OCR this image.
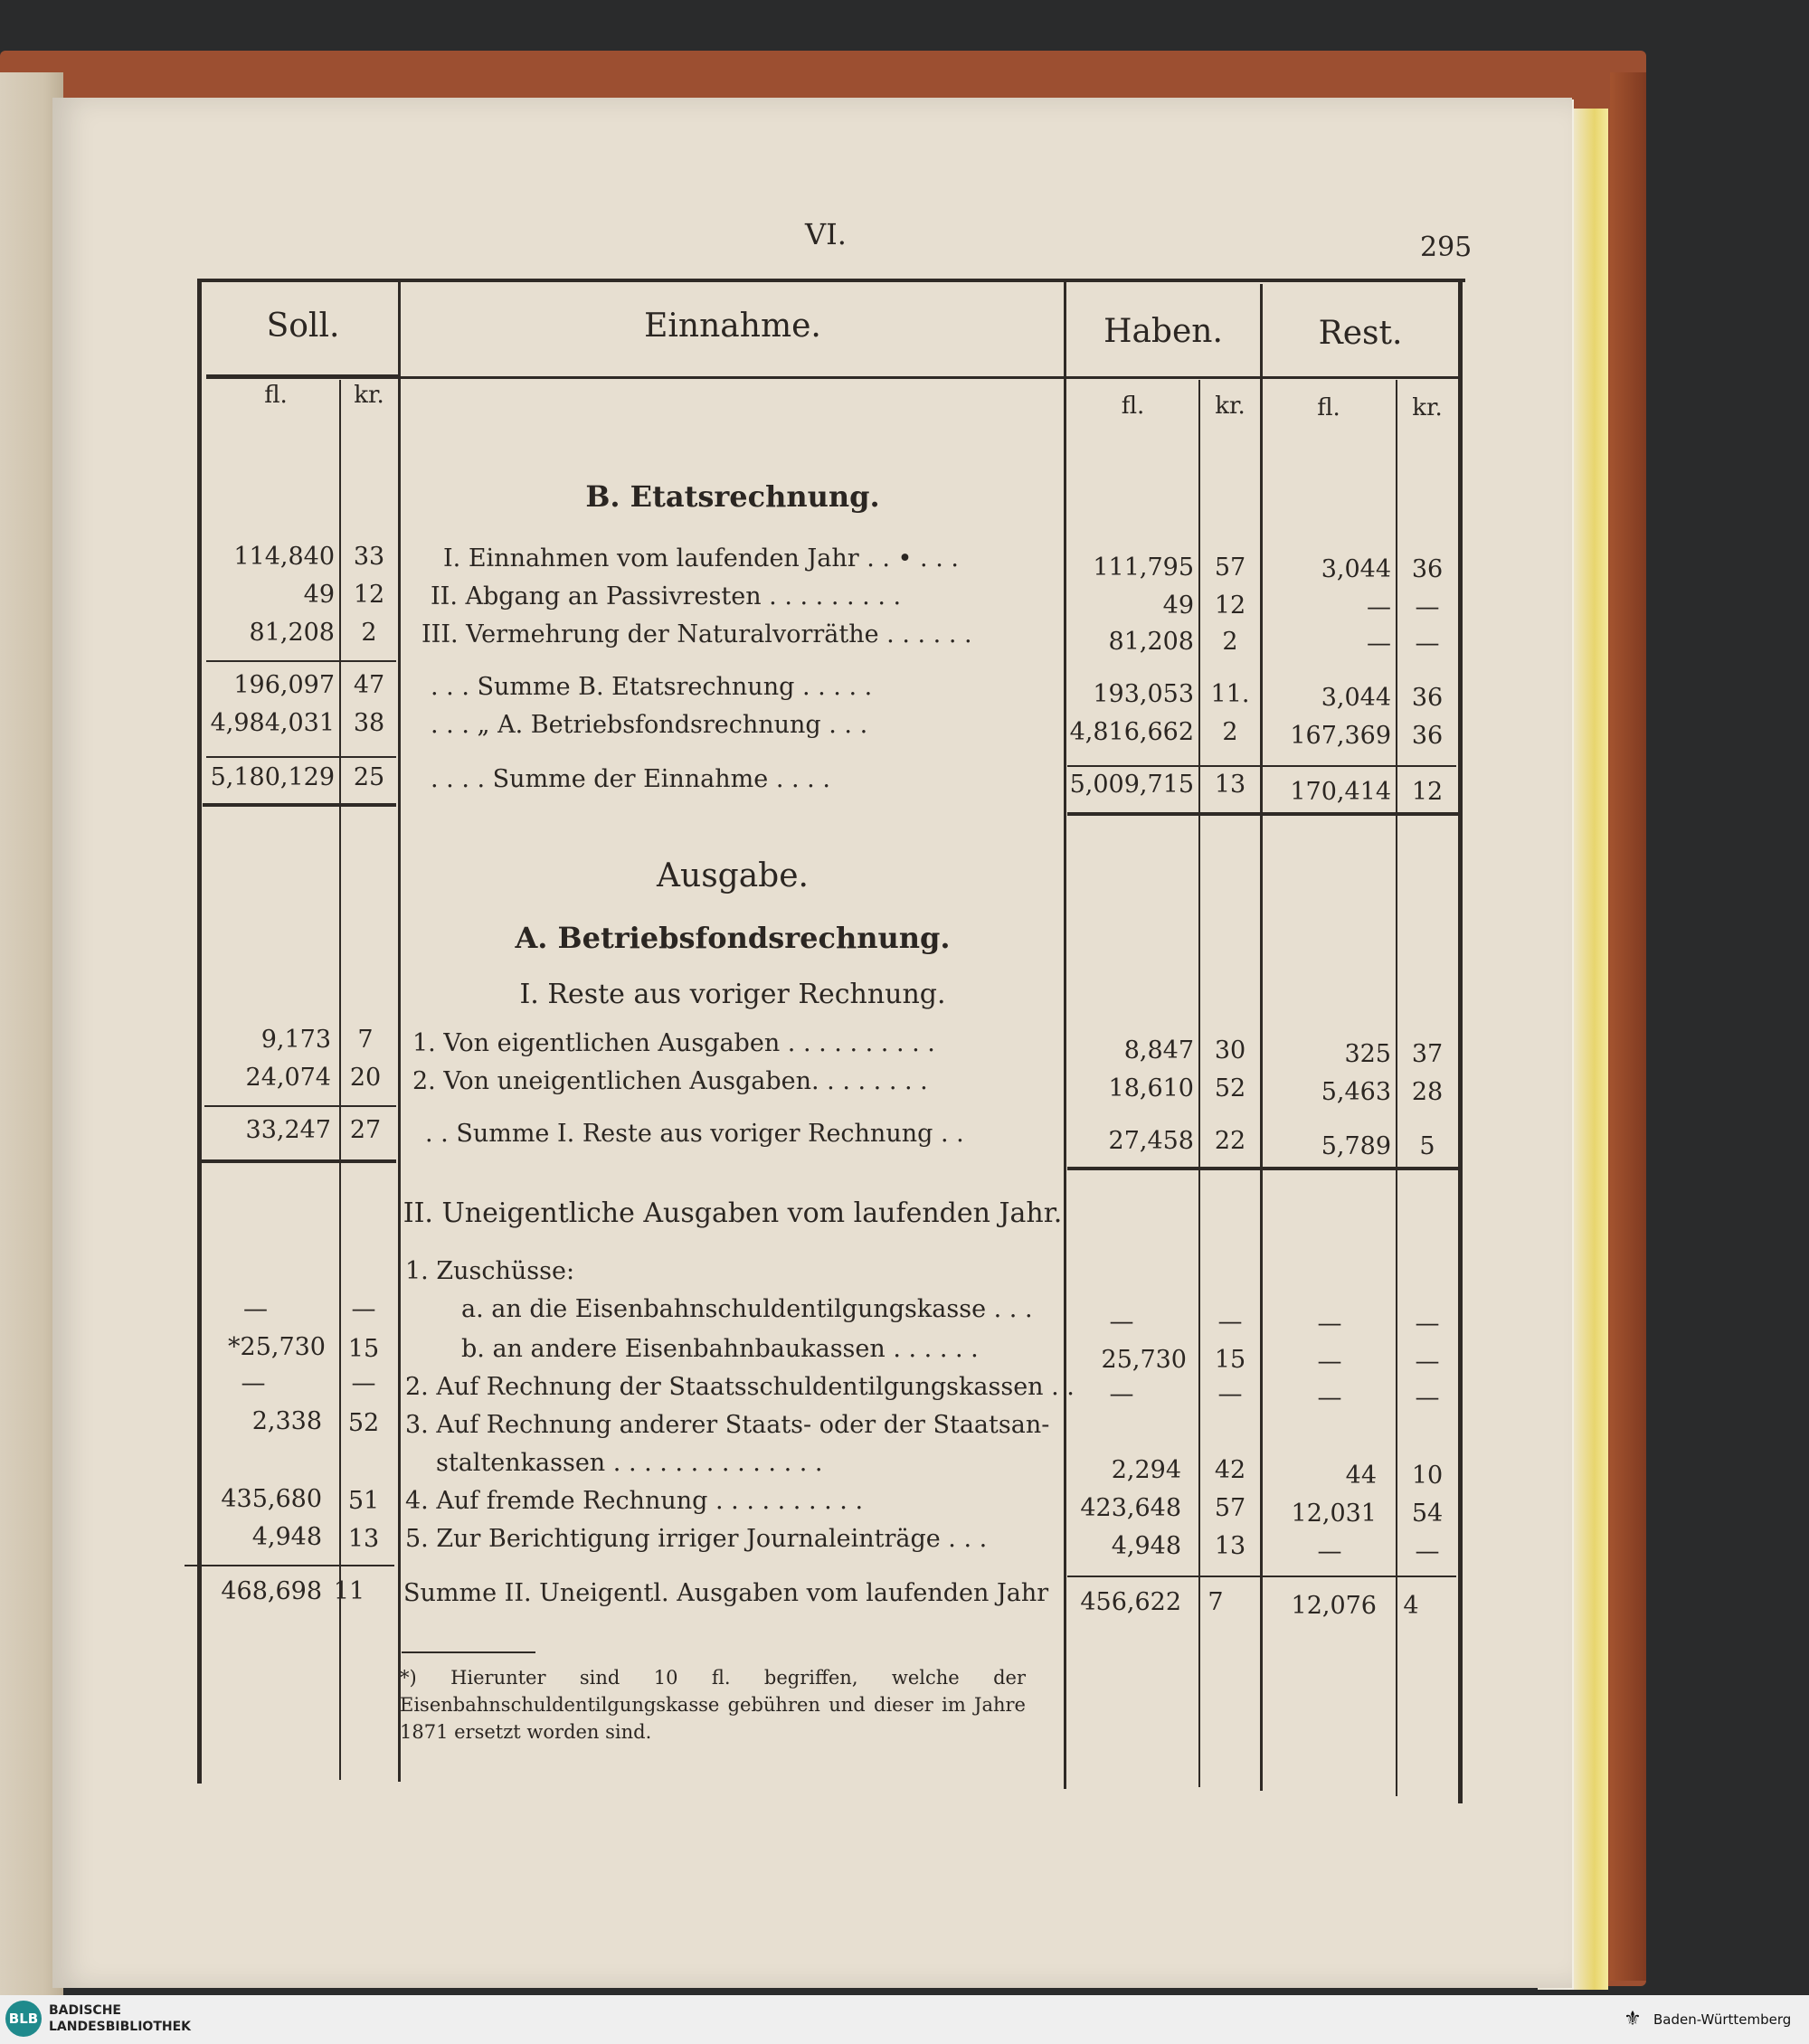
VI.	295
Soll.	Einnahme.	Haben.	Rest.
fl.	kr.	fl.	kr.	fl.	kr.
B. Etatsrechnung.
Ausgabe.
A. Betriebsfondsrechnung.
I. Reste aus voriger Rechnung.
II. Uneigentliche Ausgaben vom laufenden Jahr.
114,840 33	I. Einnahmen vom laufenden Jahr . . • . . .	111,795 57	3,044 36
49 12	II. Abgang an Passivresten . . . . . . . . .	49 12	— —
81,208	2	III. Vermehrung der Naturalvorräthe . . . . . .	81,208	2	— —
196,097 47	. . . Summe B. Etatsrechnung . . . . .	193,053 11.	3,044 36
4,984,031 38	. . . „ A. Betriebsfondsrechnung . . .	4,816,662	2	167,369 36
5,180,129 25	. . . . Summe der Einnahme . . . .	5,009,715 13	170,414 12
9,173	7	1. Von eigentlichen Ausgaben . . . . . . . . . .	8,847 30	325 37
24,074 20	2. Von uneigentlichen Ausgaben. . . . . . . .	18,610 52	5,463 28
33,247 27	. . Summe I. Reste aus voriger Rechnung . .	27,458 22	5,789	5
1. Zuschüsse:
—	—	a. an die Eisenbahnschuldentilgungskasse . . .	—	—	—	—
*25,730 15	b. an andere Eisenbahnbaukassen . . . . . .	25,730	15	—	—
—	—	2. Auf Rechnung der Staatsschuldentilgungskassen . .	—	—	—	—
2,338	52	3. Auf Rechnung anderer Staats- oder der Staatsan-
staltenkassen . . . . . . . . . . . . . .	2,294	42	44	10
435,680	51	4. Auf fremde Rechnung . . . . . . . . . .	423,648	57	12,031	54
4,948	13	5. Zur Berichtigung irriger Journaleinträge . . .	4,948	13	—	—
468,698 11	Summe II. Uneigentl. Ausgaben vom laufenden Jahr	456,622	7	12,076	4
*) Hierunter sind 10 fl. begriffen, welche der Eisenbahnschuldentilgungskasse gebühren und dieser im Jahre 1871 ersetzt worden sind.
BLB BADISCHE LANDESBIBLIOTHEK	⚜ Baden-Württemberg
